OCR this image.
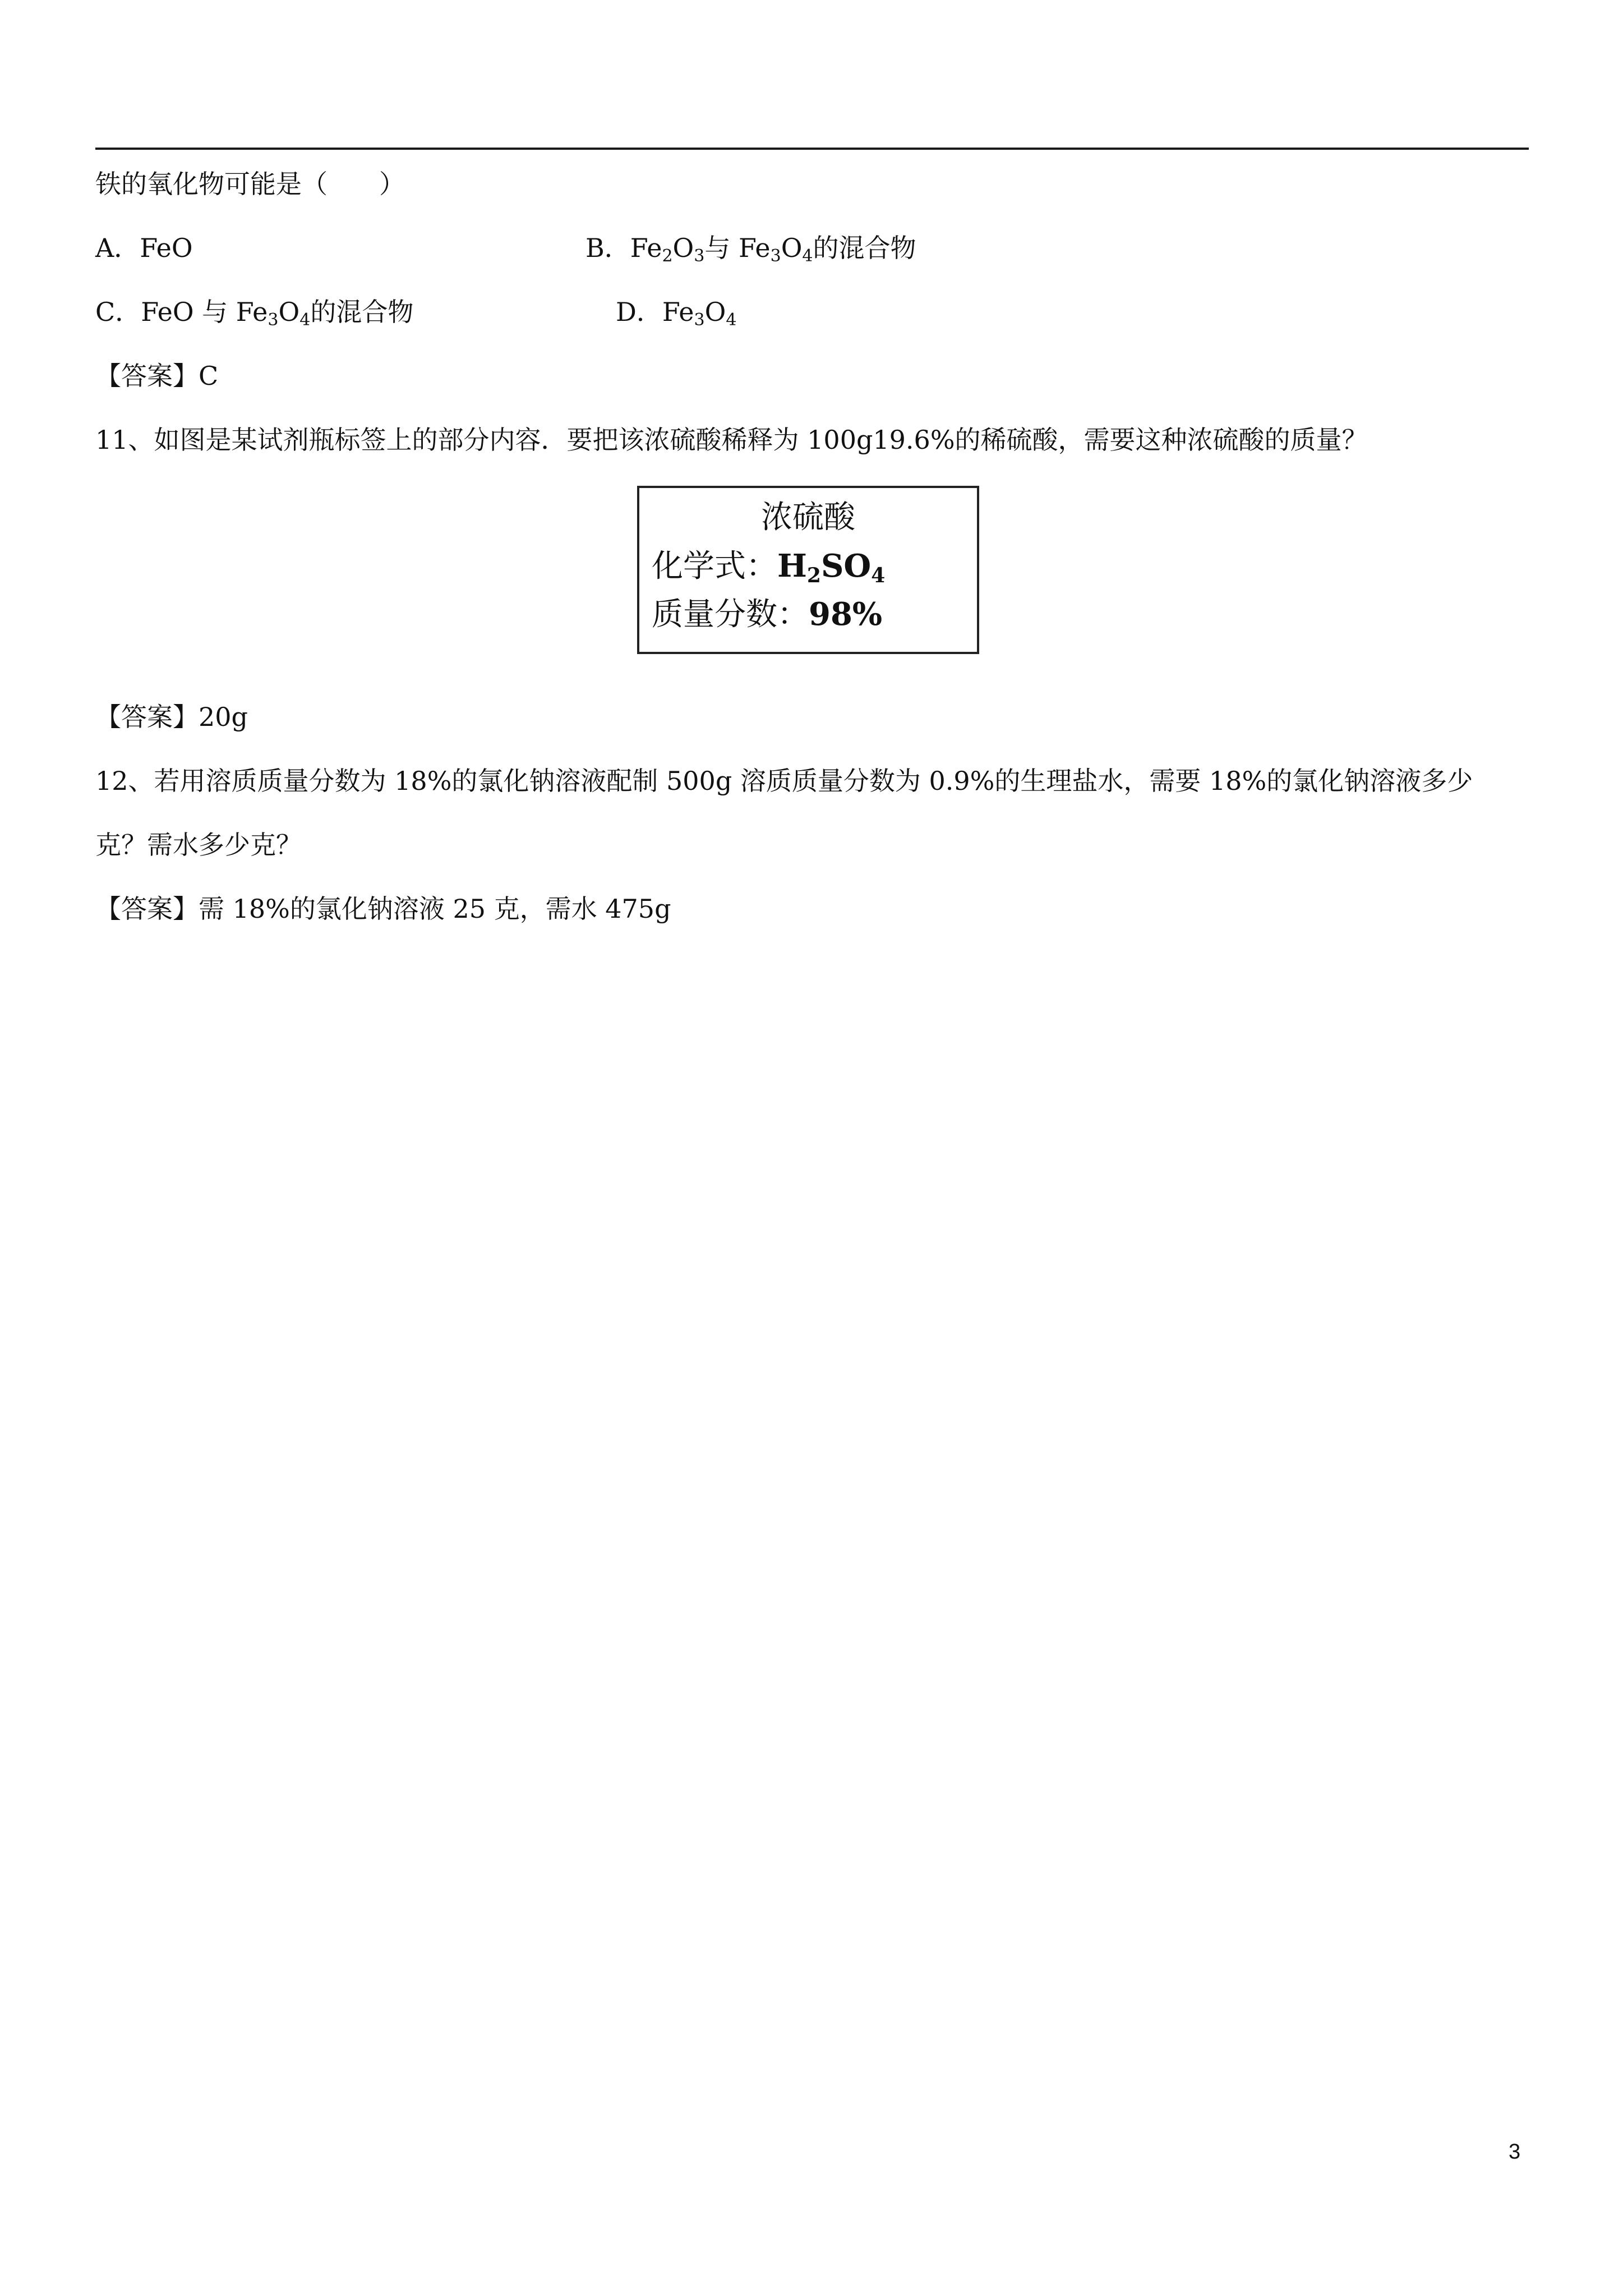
铁的氧化物可能是（　　）
A．FeO	B．$Fe_2O_3$与 $Fe_3O_4$的混合物
C．FeO 与 $Fe_3O_4$的混合物	D．$Fe_3O_4$
【答案】C
11、如图是某试剂瓶标签上的部分内容．要把该浓硫酸稀释为 100g19.6%的稀硫酸，需要这种浓硫酸的质量？
浓硫酸
化学式：$H_2SO_4$
质量分数：98%
【答案】20g
12、若用溶质质量分数为 18%的氯化钠溶液配制 500g 溶质质量分数为 0.9%的生理盐水，需要 18%的氯化钠溶液多少
克？需水多少克？
【答案】需 18%的氯化钠溶液 25 克，需水 475g
3
